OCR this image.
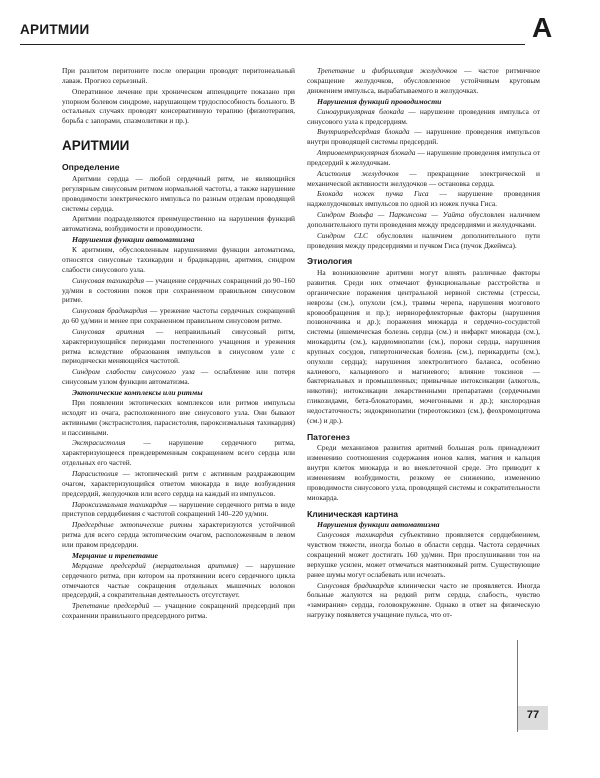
АРИТМИИ	А

При разлитом перитоните после операции проводят перитонеальный лаваж. Прогноз серьезный.

Оперативное лечение при хроническом аппендиците показано при упорном болевом синдроме, нарушающем трудоспособность больного. В остальных случаях проводят консервативную терапию (физиотерапия, борьба с запорами, спазмолитики и пр.).

АРИТМИИ
Определение

Аритмии сердца — любой сердечный ритм, не являющийся регулярным синусовым ритмом нормальной частоты, а также нарушение проводимости электрического импульса по разным отделам проводящей системы сердца.

Аритмии подразделяются преимущественно на нарушения функций автоматизма, возбудимости и проводимости.

Нарушения функции автоматизма

К аритмиям, обусловленным нарушениями функции автоматизма, относятся синусовые тахикардии и брадикардии, аритмия, синдром слабости синусового узла.

Синусовая тахикардия — учащение сердечных сокращений до 90–160 уд/мин в состоянии покоя при сохраненном правильном синусовом ритме.

Синусовая брадикардия — урежение частоты сердечных сокращений до 60 уд/мин и менее при сохраненном правильном синусовом ритме.

Синусовая аритмия — неправильный синусовый ритм, характеризующийся периодами постепенного учащения и урежения ритма вследствие образования импульсов в синусовом узле с периодически меняющейся частотой.

Синдром слабости синусового узла — ослабление или потеря синусовым узлом функции автоматизма.

Эктопические комплексы или ритмы

При появлении эктопических комплексов или ритмов импульсы исходят из очага, расположенного вне синусового узла. Они бывают активными (экстрасистолия, парасистолия, пароксизмальная тахикардия) и пассивными.

Экстрасистолия — нарушение сердечного ритма, характеризующееся преждевременным сокращением всего сердца или отдельных его частей.

Парасистолия — эктопический ритм с активным раздражающим очагом, характеризующийся ответом миокарда в виде возбуждения предсердий, желудочков или всего сердца на каждый из импульсов.

Пароксизмальная тахикардия — нарушение сердечного ритма в виде приступов сердцебиения с частотой сокращений 140–220 уд/мин.

Предсердные эктопические ритмы характеризуются устойчивой ритма для всего сердца эктопическим очагом, расположенным в левом или правом предсердии.

Мерцание и трепетание

Мерцание предсердий (мерцательная аритмия) — нарушение сердечного ритма, при котором на протяжении всего сердечного цикла отмечаются частые сокращения отдельных мышечных волокон предсердий, а сократительная деятельность отсутствует.

Трепетание предсердий — учащение сокращений предсердий при сохранении правильного предсердного ритма.

Трепетание и фибрилляция желудочков — частое ритмичное сокращение желудочков, обусловленное устойчивым круговым движением импульса, вырабатываемого в желудочках.

Нарушения функций проводимости

Синоаурикулярная блокада — нарушение проведения импульса от синусового узла к предсердиям.

Внутрипредсердная блокада — нарушение проведения импульсов внутри проводящей системы предсердий.

Атриовентрикулярная блокада — нарушение проведения импульса от предсердий к желудочкам.

Асистолия желудочков — прекращение электрической и механической активности желудочков — остановка сердца.

Блокада ножек пучка Гиса — нарушение проведения наджелудочковых импульсов по одной из ножек пучка Гиса.

Синдром Вольфа — Паркинсона — Уайта обусловлен наличием дополнительного пути проведения между предсердиями и желудочками.

Синдром CLC обусловлен наличием дополнительного пути проведения между предсердиями и пучком Гиса (пучок Джеймса).

Этиология

На возникновение аритмии могут влиять различные факторы развития. Среди них отмечают функциональные расстройства и органические поражения центральной нервной системы (стрессы, неврозы (см.), опухоли (см.), травмы черепа, нарушения мозгового кровообращения и пр.); нервнорефлекторные факторы (нарушения позвоночника и др.); поражения миокарда и сердечно-сосудистой системы (ишемическая болезнь сердца (см.) и инфаркт миокарда (см.), миокардиты (см.), кардиомиопатии (см.), пороки сердца, нарушения крупных сосудов, гипертоническая болезнь (см.), перикардиты (см.), опухоли сердца); нарушения электролитного баланса, особенно калиевого, кальциевого и магниевого; влияние токсинов — бактериальных и промышленных; привычные интоксикации (алкоголь, никотин); интоксикации лекарственными препаратами (сердечными гликозидами, бета-блокаторами, мочегонными и др.); кислородная недостаточность; эндокринопатии (тиреотоксикоз (см.), феохромоцитома (см.) и др.).

Патогенез

Среди механизмов развития аритмий большая роль принадлежит изменению соотношения содержания ионов калия, магния и кальция внутри клеток миокарда и во внеклеточной среде. Это приводит к изменениям возбудимости, резкому ее снижению, изменению проводимости синусового узла, проводящей системы и сократительности миокарда.

Клиническая картина
Нарушения функции автоматизма

Синусовая тахикардия субъективно проявляется сердцебиением, чувством тяжести, иногда болью в области сердца. Частота сердечных сокращений может достигать 160 уд/мин. При прослушивании тон на верхушке усилен, может отмечаться маятниковый ритм. Существующие ранее шумы могут ослабевать или исчезать.

Синусовая брадикардия клинически часто не проявляется. Иногда больные жалуются на редкий ритм сердца, слабость, чувство «замирания» сердца, головокружение. Однако в ответ на физическую нагрузку появляется учащение пульса, что от-

77
